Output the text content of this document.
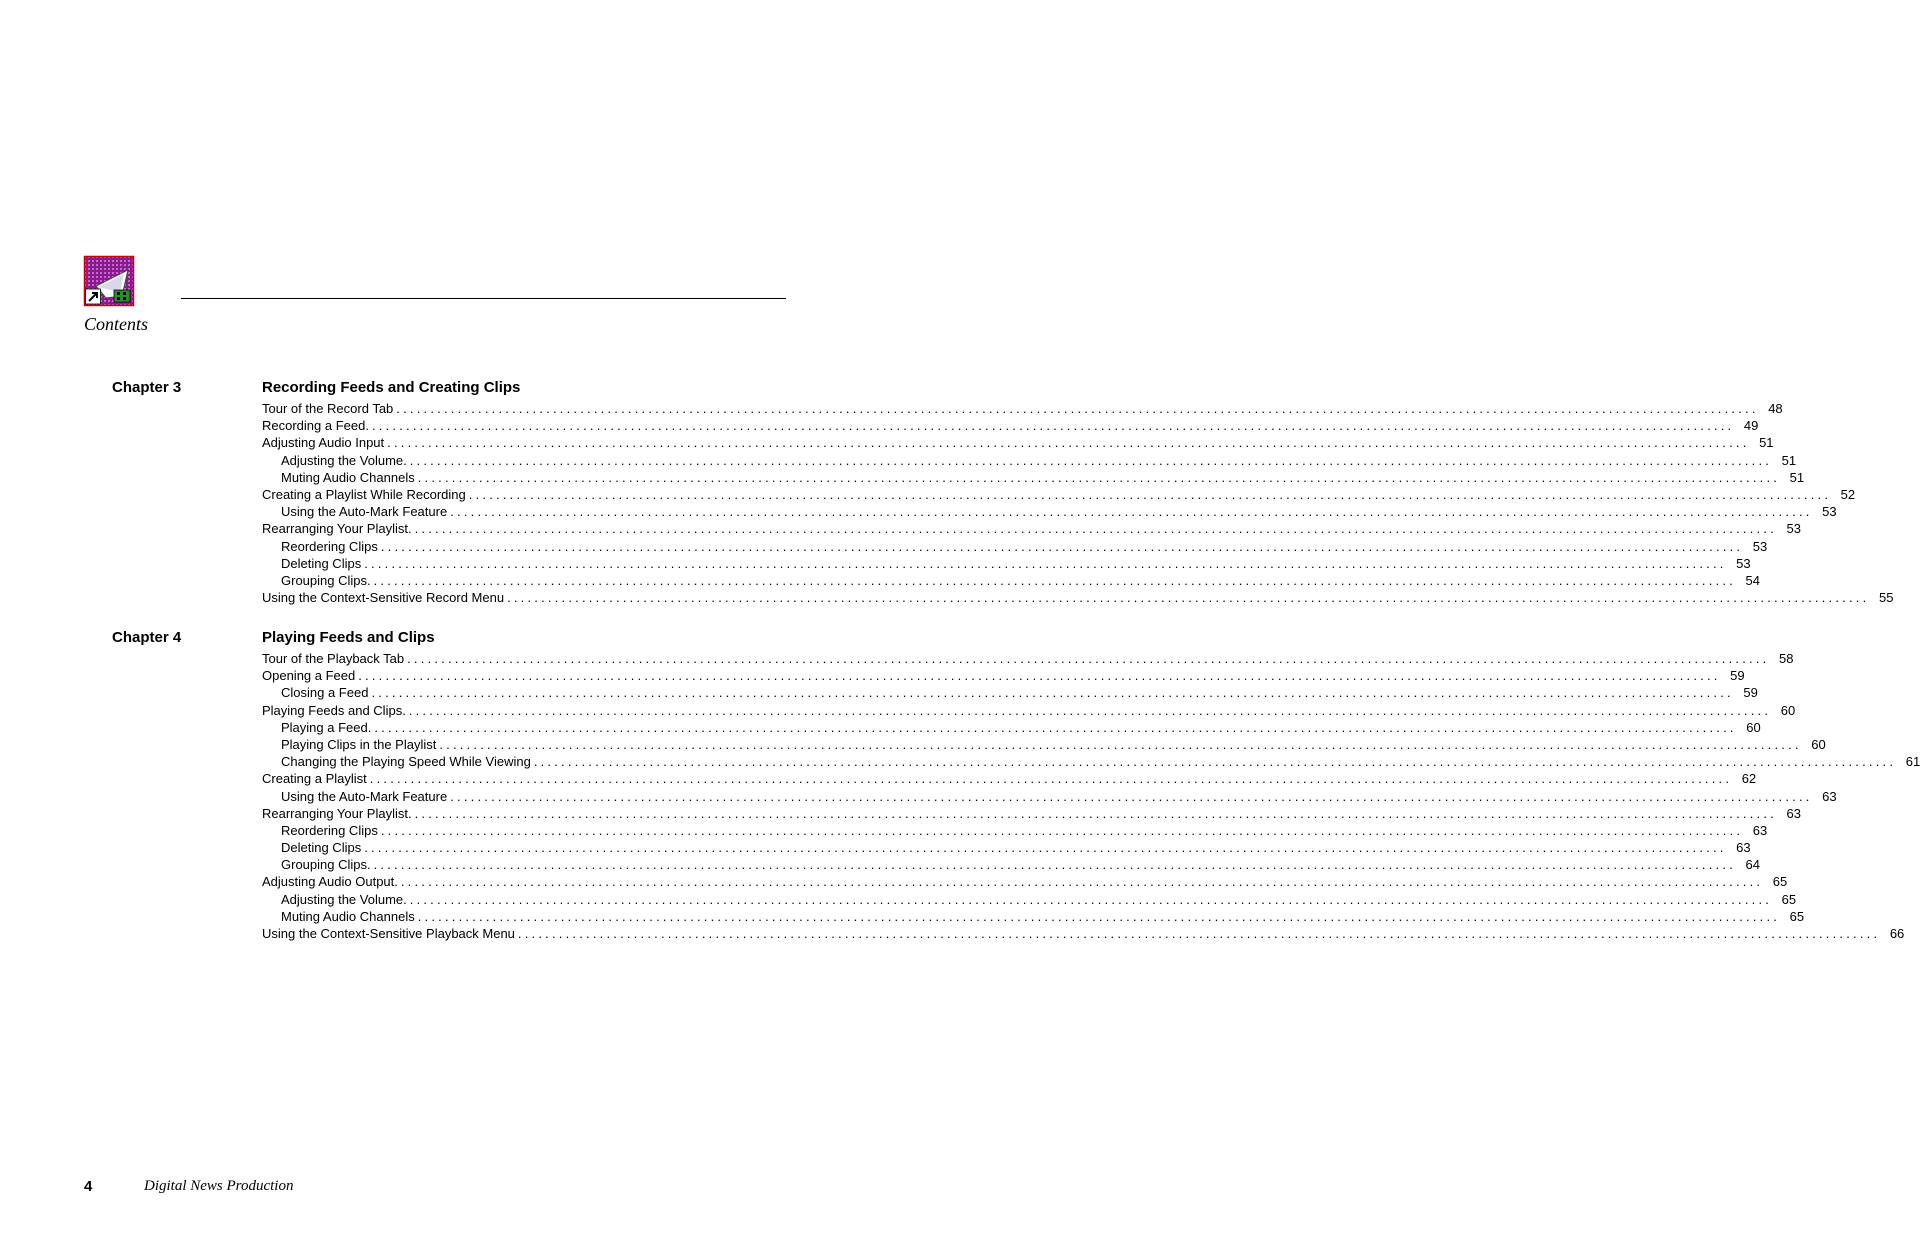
Contents
Chapter 3	Recording Feeds and Creating Clips
Tour of the Record Tab ........................................................................................................................................................................................................ 48
Recording a Feed. ........................................................................................................................................................................................................ 49
Adjusting Audio Input ........................................................................................................................................................................................................ 51
Adjusting the Volume. ........................................................................................................................................................................................................ 51
Muting Audio Channels ........................................................................................................................................................................................................ 51
Creating a Playlist While Recording ........................................................................................................................................................................................................ 52
Using the Auto-Mark Feature ........................................................................................................................................................................................................ 53
Rearranging Your Playlist. ........................................................................................................................................................................................................ 53
Reordering Clips ........................................................................................................................................................................................................ 53
Deleting Clips ........................................................................................................................................................................................................ 53
Grouping Clips. ........................................................................................................................................................................................................ 54
Using the Context-Sensitive Record Menu ........................................................................................................................................................................................................ 55
Chapter 4	Playing Feeds and Clips
Tour of the Playback Tab ........................................................................................................................................................................................................ 58
Opening a Feed ........................................................................................................................................................................................................ 59
Closing a Feed ........................................................................................................................................................................................................ 59
Playing Feeds and Clips. ........................................................................................................................................................................................................ 60
Playing a Feed. ........................................................................................................................................................................................................ 60
Playing Clips in the Playlist ........................................................................................................................................................................................................ 60
Changing the Playing Speed While Viewing ........................................................................................................................................................................................................ 61
Creating a Playlist ........................................................................................................................................................................................................ 62
Using the Auto-Mark Feature ........................................................................................................................................................................................................ 63
Rearranging Your Playlist. ........................................................................................................................................................................................................ 63
Reordering Clips ........................................................................................................................................................................................................ 63
Deleting Clips ........................................................................................................................................................................................................ 63
Grouping Clips. ........................................................................................................................................................................................................ 64
Adjusting Audio Output. ........................................................................................................................................................................................................ 65
Adjusting the Volume. ........................................................................................................................................................................................................ 65
Muting Audio Channels ........................................................................................................................................................................................................ 65
Using the Context-Sensitive Playback Menu ........................................................................................................................................................................................................ 66
4	Digital News Production
